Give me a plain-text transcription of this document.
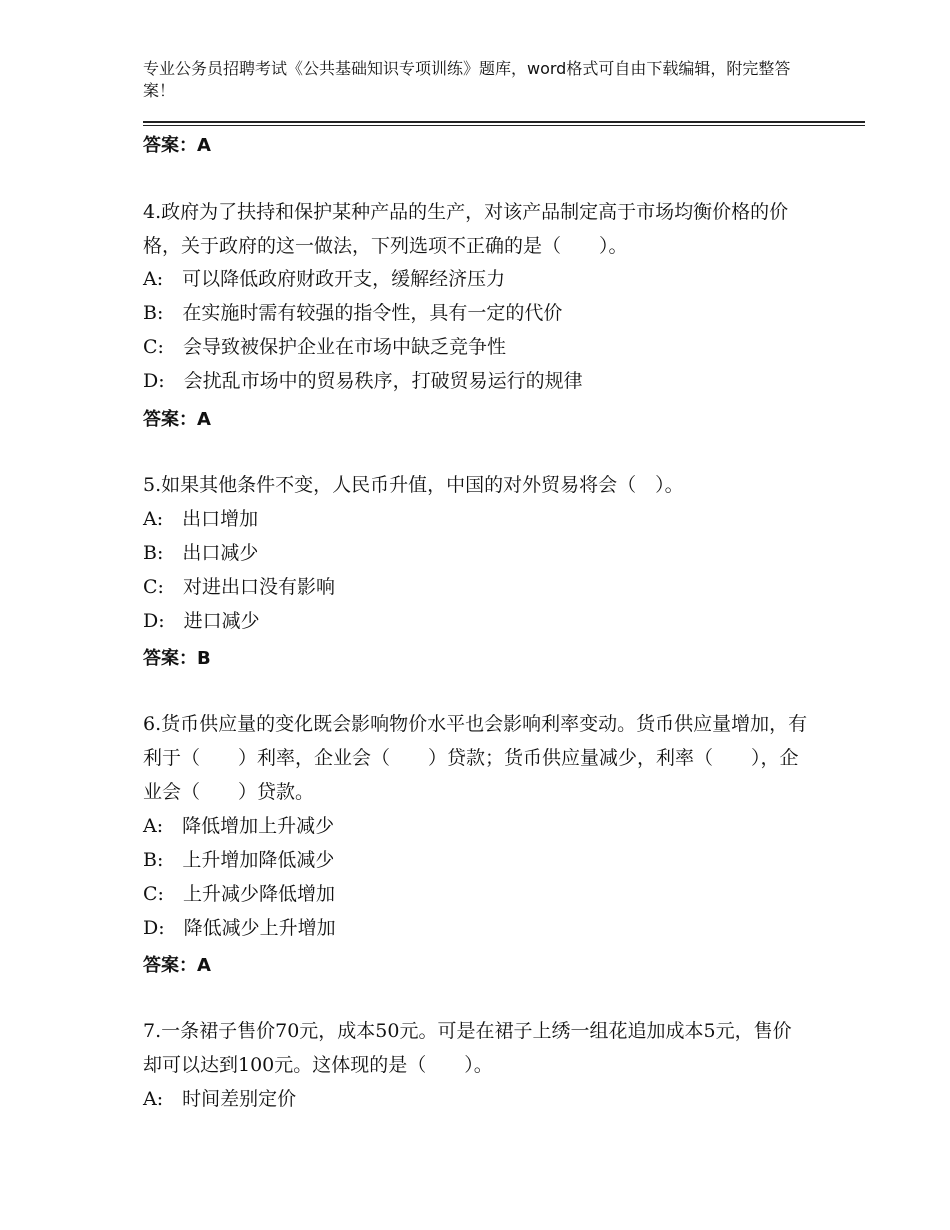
专业公务员招聘考试《公共基础知识专项训练》题库，word格式可自由下载编辑，附完整答案！
答案：A
4.政府为了扶持和保护某种产品的生产，对该产品制定高于市场均衡价格的价格，关于政府的这一做法，下列选项不正确的是（　　）。
A:　可以降低政府财政开支，缓解经济压力
B:　在实施时需有较强的指令性，具有一定的代价
C:　会导致被保护企业在市场中缺乏竞争性
D:　会扰乱市场中的贸易秩序，打破贸易运行的规律
答案：A
5.如果其他条件不变，人民币升值，中国的对外贸易将会（　）。
A:　出口增加
B:　出口减少
C:　对进出口没有影响
D:　进口减少
答案：B
6.货币供应量的变化既会影响物价水平也会影响利率变动。货币供应量增加，有利于（　　）利率，企业会（　　）贷款；货币供应量减少，利率（　　），企业会（　　）贷款。
A:　降低增加上升减少
B:　上升增加降低减少
C:　上升减少降低增加
D:　降低减少上升增加
答案：A
7.一条裙子售价70元，成本50元。可是在裙子上绣一组花追加成本5元，售价却可以达到100元。这体现的是（　　）。
A:　时间差别定价
